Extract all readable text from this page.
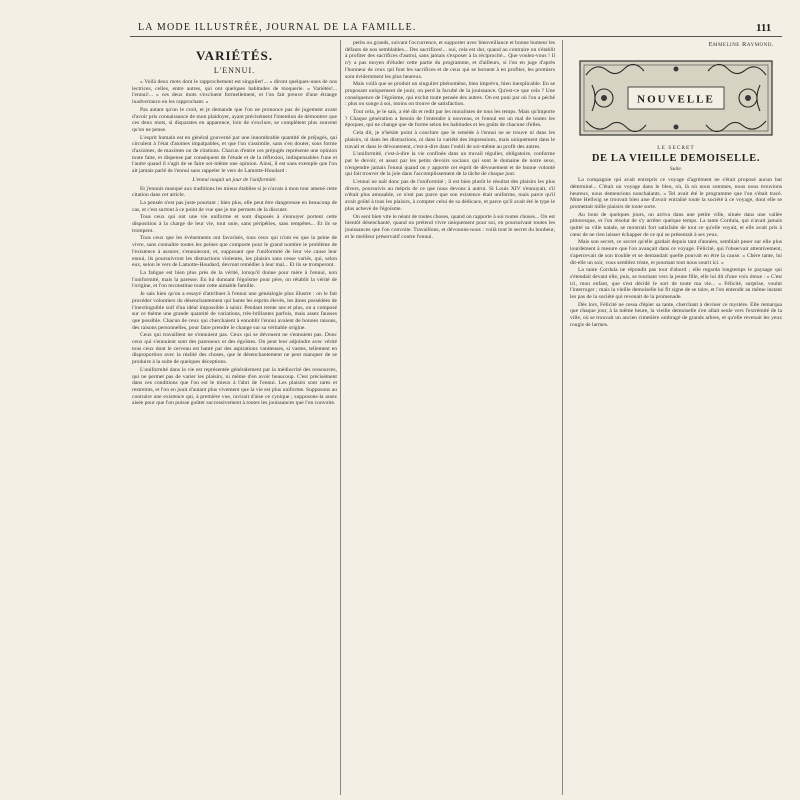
LA MODE ILLUSTRÉE, JOURNAL DE LA FAMILLE.	111
VARIÉTÉS.
L'ENNUI.

« Voilà deux mots dont le rapprochement est singulier!... » diront quelques-unes de nos lectrices, celles, entre autres, qui ont quelques habitudes de moquerie. « Variétés!... l'ennui!... » ces deux mots s'excluent formellement, et l'on fait preuve d'une étrange inadvertance en les rapprochant. »

Pas autant qu'on le croit, et je demande que l'on ne prononce pas de jugement avant d'avoir pris connaissance de mon plaidoyer, ayant précisément l'intention de démontrer que ces deux mots, si disparates en apparence, loin de s'exclure, se complètent plus souvent qu'on ne pense.

L'esprit humain est en général gouverné par une innombrable quantité de préjugés, qui circulent à l'état d'atomes impalpables, et que l'on s'assimile, sans s'en douter, sous forme d'axiomes, de maximes ou de citations. Chacun d'entre ces préjugés représente une opinion toute faite, et dispense par conséquent de l'étude et de la réflexion, indispensables l'une et l'autre quand il s'agit de se faire soi-même une opinion. Ainsi, il est sans exemple que l'on ait jamais parlé de l'ennui sans rappeler le vers de Lamotte-Houdard :

L'ennui naquit un jour de l'uniformité.

Et j'ennuis manqué aux traditions les mieux établies si je n'avais à mon tour amené cette citation dans cet article.

La pensée n'est pas juste pourtant ; bien plus, elle peut être dangereuse en beaucoup de cas, et c'est surtout à ce point de vue que je me permets de la discuter.

Tous ceux qui ont une vie uniforme et sont disposés à s'ennuyer portent cette disposition à la charge de leur vie, tout unie, sans péripéties, sans tempêtes... Et ils se trompent.

Tous ceux que les événements ont favorisés, tous ceux qui n'ont eu que la peine de vivre, sans connaître toutes les peines que comporte pour le grand nombre le problème de l'existence à assurer, s'ennuieront, et, supposant que l'uniformité de leur vie cause leur ennui, ils poursuivront les distractions violentes, les plaisirs sans cesse variés, qui, selon eux, selon le vers de Lamotte-Houdard, devront remédier à leur mal... Et ils se tromperont.

La fatigue est bien plus près de la vérité, lorsqu'il donne pour mère à l'ennui, non l'uniformité, mais la paresse. En lui donnant l'égoïsme pour père, on rétablit la vérité de l'origine, et l'on reconstitue toute cette aimable famille.

Je sais bien qu'on a essayé d'attribuer à l'ennui une généalogie plus illustre : on le fait procéder volontiers du désenchantement qui hante les esprits élevés, les âmes possédées de l'inextinguible soif d'un idéal impossible à saisir. Pendant trente ans et plus, on a composé sur ce thème une grande quantité de variations, très-brillantes parfois, mais assez fausses que possible. Chacun de ceux qui cherchaient à ennoblir l'ennui avaient de bonnes raisons, des raisons personnelles, pour faire prendre le change sur sa véritable origine.

Ceux qui travaillent ne s'ennuient pas. Ceux qui se dévouent ne s'ennuient pas. Donc ceux qui s'ennuient sont des paresseux et des égoïstes. On peut leur adjoindre avec vérité tous ceux dont le cerveau est hanté par des aspirations vaniteuses, si vastes, tellement en disproportion avec la réalité des choses, que le désenchantement ne peut manquer de se produire à la suite de quelques déceptions.

L'uniformité dans la vie est représentée généralement par la médiocrité des ressources, qui ne permet pas de varier les plaisirs, ni même d'en avoir beaucoup. C'est précisément dans ces conditions que l'on est le mieux à l'abri de l'ennui. Les plaisirs sont rares et restreints, et l'on en jouit d'autant plus vivement que la vie est plus uniforme. Supposons au contraire une existence qui, à première vue, ravirait d'aise ce cynique ; supposons-la assez aisée pour que l'on puisse goûter successivement à toutes les jouissances que l'on convoite.

petits ou grands, suivant l'occurrence, et supporter avec bienveillance et bonne humeur les défauts de nos semblables... Des sacrifices!... oui, cela est dur, quand au contraire on s'établit à profiter des sacrifices d'autrui, sans jamais s'exposer à la réciprocité... Que voulez-vous ! Il n'y a pas moyen d'éluder cette partie du programme, et d'ailleurs, si l'on en juge d'après l'honneur de ceux qui font les sacrifices et de ceux qui se bornent à en profiter, les premiers sont évidemment les plus heureux.

Mais voilà que se produit un singulier phénomène, bien imprévu, bien inexplicable. En se proposant uniquement de jouir, on perd la faculté de la jouissance. Qu'est-ce que cela ? Une conséquence de l'égoïsme, qui exclut toute pensée des autres. On est puni par où l'on a péché : plus on songe à soi, moins on trouve de satisfaction.

Tout cela, je le sais, a été dit et redit par les moralistes de tous les temps. Mais qu'importe ? Chaque génération a besoin de l'entendre à nouveau, et l'ennui est un mal de toutes les époques, qui ne change que de forme selon les habitudes et les goûts de chacune d'elles.

Cela dit, je n'hésite point à conclure que le remède à l'ennui ne se trouve ni dans les plaisirs, ni dans les distractions, ni dans la variété des impressions, mais uniquement dans le travail et dans le dévouement, c'est-à-dire dans l'oubli de soi-même au profit des autres.

L'uniformité, c'est-à-dire la vie confinée dans un travail régulier, obligatoire, conforme par le devoir, et assez par les petits devoirs sociaux qui sont le domaine de notre sexe, n'engendre jamais l'ennui quand on y apporte cet esprit de dévouement et de bonne volonté qui fait trouver de la joie dans l'accomplissement de la tâche de chaque jour.

L'ennui ne naît donc pas de l'uniformité ; il est bien plutôt le résultat des plaisirs les plus divers, poursuivis au mépris de ce que nous devons à autrui. Si Louis XIV s'ennuyait, s'il n'était plus amusable, ce n'est pas parce que son existence était uniforme, mais parce qu'il avait goûté à tous les plaisirs, à compter celui de sa dédicace, et parce qu'il avait été le type le plus achevé de l'égoïsme.

On sent bien vite le néant de toutes choses, quand on rapporte à soi toutes choses... On est bientôt désenchanté, quand on prétend vivre uniquement pour soi, en poursuivant toutes les jouissances que l'on convoite. Travaillons, et dévouons-nous : voilà tout le secret du bonheur, et le meilleur préservatif contre l'ennui.

Emmeline Raymond.

NOUVELLE

LE SECRET

DE LA VIEILLE DEMOISELLE.

Suite.

La compagnie qui avait entrepris ce voyage d'agrément ne s'était proposé aucun but déterminé... C'était un voyage dans le bleu, où, là où nous sommes, nous nous trouvions heureux, nous demeurions nonchalants. « Tel avait été le programme que l'on s'était tracé. Mme Hellwig se trouvait bien aise d'avoir entraîné toute la société à ce voyage, dont elle se promettait mille plaisirs de toute sorte.

Au bout de quelques jours, on arriva dans une petite ville, située dans une vallée pittoresque, et l'on résolut de s'y arrêter quelque temps. La tante Cordula, qui n'avait jamais quitté sa ville natale, se montrait fort satisfaite de tout ce qu'elle voyait, et elle avait pris à cœur de ne rien laisser échapper de ce qui se présentait à ses yeux.

Mais son secret, ce secret qu'elle gardait depuis tant d'années, semblait peser sur elle plus lourdement à mesure que l'on avançait dans ce voyage. Félicité, qui l'observait attentivement, s'apercevait de son trouble et se demandait quelle pouvait en être la cause. « Chère tante, lui dit-elle un soir, vous semblez triste, et pourtant tout nous sourit ici. »

La tante Cordula ne répondit pas tout d'abord ; elle regarda longtemps le paysage qui s'étendait devant elle, puis, se tournant vers la jeune fille, elle lui dit d'une voix émue : « C'est ici, mon enfant, que s'est décidé le sort de toute ma vie... » Félicité, surprise, voulut l'interroger ; mais la vieille demoiselle lui fit signe de se taire, et l'on entendit au même instant les pas de la société qui revenait de la promenade.

Dès lors, Félicité ne cessa d'épier sa tante, cherchant à deviner ce mystère. Elle remarqua que chaque jour, à la même heure, la vieille demoiselle s'en allait seule vers l'extrémité de la ville, où se trouvait un ancien cimetière ombragé de grands arbres, et qu'elle revenait les yeux rougis de larmes.
